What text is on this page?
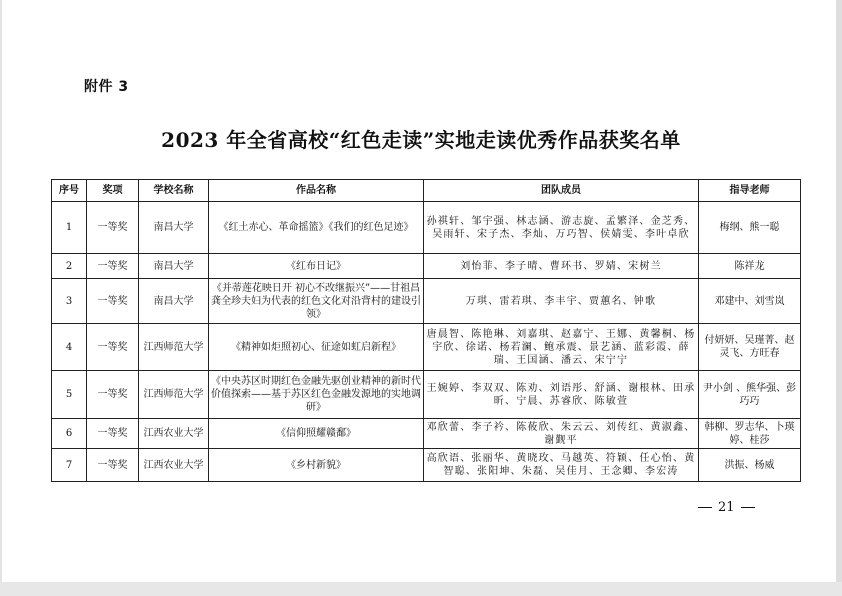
附件 3
2023 年全省高校“红色走读”实地走读优秀作品获奖名单
序号	奖项	学校名称	作品名称	团队成员	指导老师
1	一等奖	南昌大学	《红土赤心、革命摇篮》《我们的红色足迹》	孙祺轩、邹宇强、林志涵、游志旋、孟繁泽、金芝秀、吴雨轩、宋子杰、李灿、万巧智、侯婧雯、李叶卓欣	梅纲、熊一聪
2	一等奖	南昌大学	《红布日记》	刘怡菲、李子晴、曹环书、罗婧、宋树兰	陈祥龙
3	一等奖	南昌大学	《并蒂莲花映日开 初心不改继振兴”——甘祖昌龚全珍夫妇为代表的红色文化对沿背村的建设引领》	万琪、雷若琪、李丰宇、贾蕙名、钟歌	邓建中、刘雪岚
4	一等奖	江西师范大学	《精神如炬照初心、征途如虹启新程》	唐晨智、陈艳琳、刘嘉琪、赵嘉宁、王娜、黄馨桐、杨宇欣、徐诺、杨若澜、鲍承震、景艺涵、蓝彩霞、薛瑞、王国涵、潘云、宋宁宁	付妍妍、吴瑾菁、赵灵飞、方旺春
5	一等奖	江西师范大学	《中央苏区时期红色金融先驱创业精神的新时代价值探索——基于苏区红色金融发源地的实地调研》	王婉婷、李双双、陈劝、刘语彤、舒涵、谢根林、田承昕、宁晨、苏睿欣、陈敏萱	尹小剑 、熊华强、彭巧巧
6	一等奖	江西农业大学	《信仰照耀赣鄱》	邓欣蕾、李子衿、陈莜欣、朱云云、刘传红、黄淑鑫、谢觐平	韩柳、罗志华、卜瑛婷、桂莎
7	一等奖	江西农业大学	《乡村新貌》	高欣语、张丽华、黄晓玫、马越英、符颖、任心怡、黄智聪、张阳坤、朱磊、吴佳月、王念卿、李宏涛	洪振、杨威
21
